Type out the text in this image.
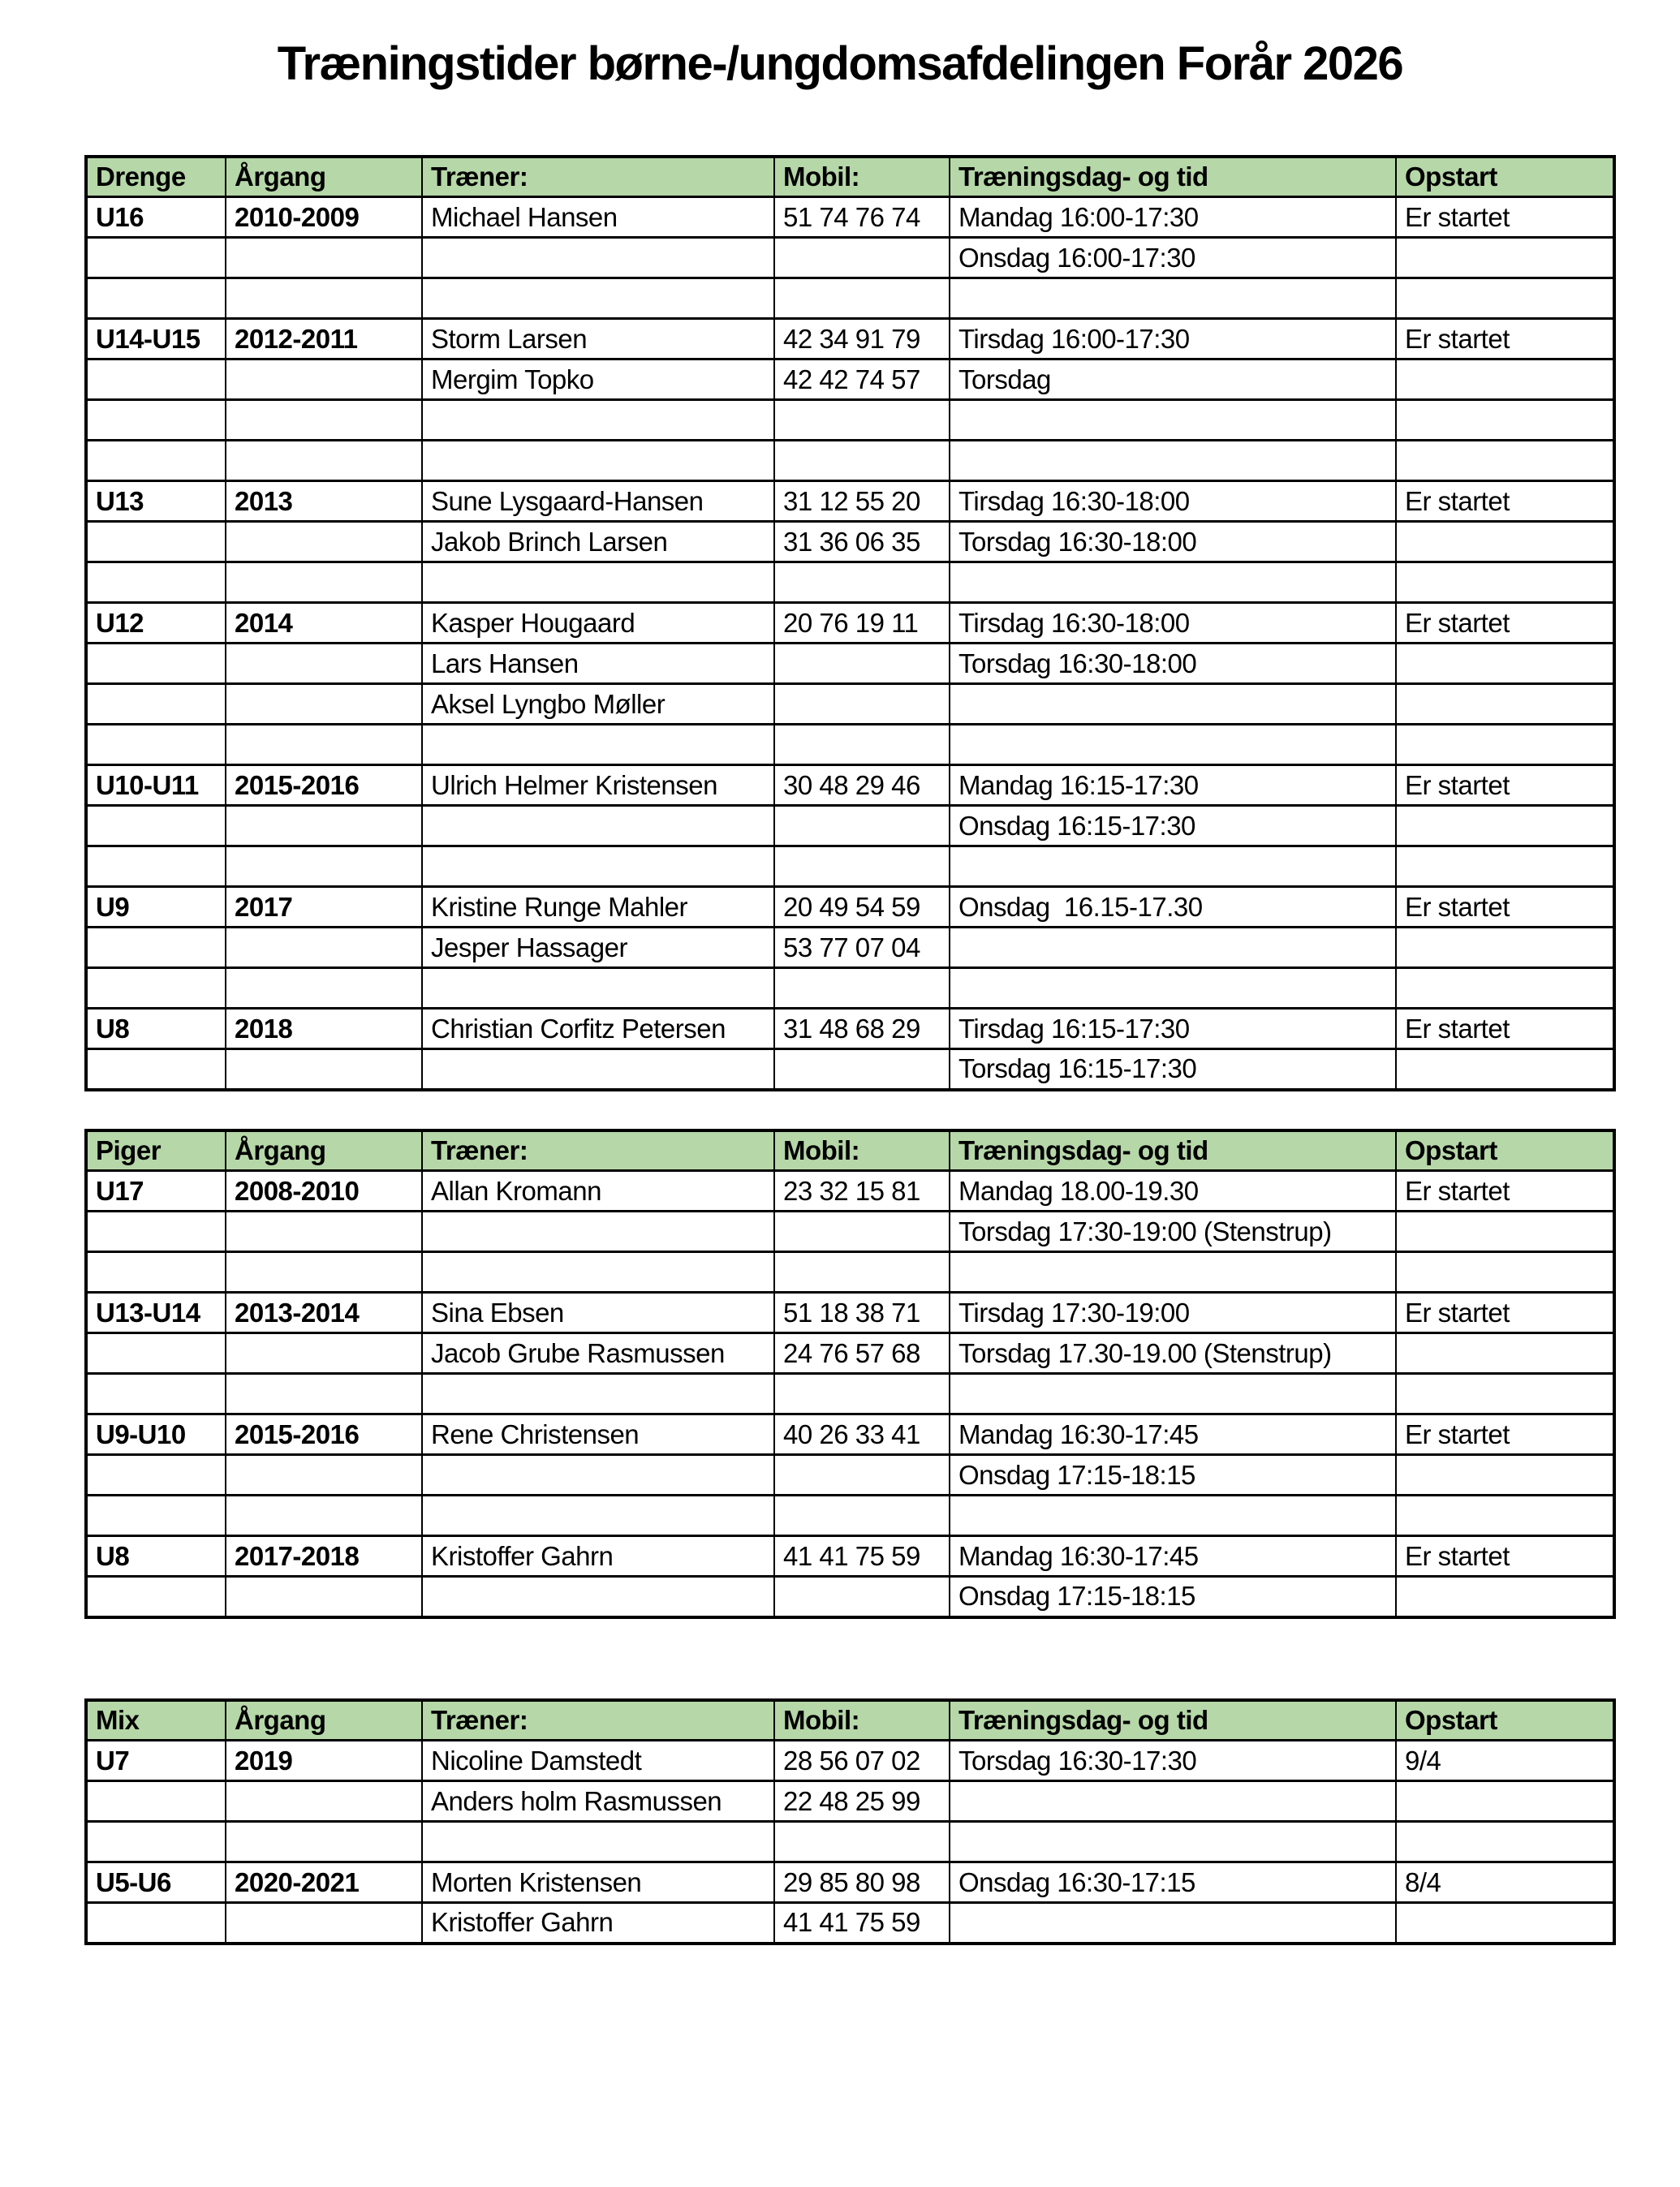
Træningstider børne-/ungdomsafdelingen Forår 2026
Drenge	Årgang	Træner:	Mobil:	Træningsdag- og tid	Opstart
U16	2010-2009	Michael Hansen	51 74 76 74	Mandag 16:00-17:30	Er startet
				Onsdag 16:00-17:30	

U14-U15	2012-2011	Storm Larsen	42 34 91 79	Tirsdag 16:00-17:30	Er startet
		Mergim Topko	42 42 74 57	Torsdag	

U13	2013	Sune Lysgaard-Hansen	31 12 55 20	Tirsdag 16:30-18:00	Er startet
		Jakob Brinch Larsen	31 36 06 35	Torsdag 16:30-18:00	

U12	2014	Kasper Hougaard	20 76 19 11	Tirsdag 16:30-18:00	Er startet
		Lars Hansen		Torsdag 16:30-18:00	
		Aksel Lyngbo Møller			

U10-U11	2015-2016	Ulrich Helmer Kristensen	30 48 29 46	Mandag 16:15-17:30	Er startet
				Onsdag 16:15-17:30	

U9	2017	Kristine Runge Mahler	20 49 54 59	Onsdag  16.15-17.30	Er startet
		Jesper Hassager	53 77 07 04		

U8	2018	Christian Corfitz Petersen	31 48 68 29	Tirsdag 16:15-17:30	Er startet
				Torsdag 16:15-17:30	
Piger	Årgang	Træner:	Mobil:	Træningsdag- og tid	Opstart
U17	2008-2010	Allan Kromann	23 32 15 81	Mandag 18.00-19.30	Er startet
				Torsdag 17:30-19:00 (Stenstrup)	

U13-U14	2013-2014	Sina Ebsen	51 18 38 71	Tirsdag 17:30-19:00	Er startet
		Jacob Grube Rasmussen	24 76 57 68	Torsdag 17.30-19.00 (Stenstrup)	

U9-U10	2015-2016	Rene Christensen	40 26 33 41	Mandag 16:30-17:45	Er startet
				Onsdag 17:15-18:15	

U8	2017-2018	Kristoffer Gahrn	41 41 75 59	Mandag 16:30-17:45	Er startet
				Onsdag 17:15-18:15	
Mix	Årgang	Træner:	Mobil:	Træningsdag- og tid	Opstart
U7	2019	Nicoline Damstedt	28 56 07 02	Torsdag 16:30-17:30	9/4
		Anders holm Rasmussen	22 48 25 99		

U5-U6	2020-2021	Morten Kristensen	29 85 80 98	Onsdag 16:30-17:15	8/4
		Kristoffer Gahrn	41 41 75 59		
